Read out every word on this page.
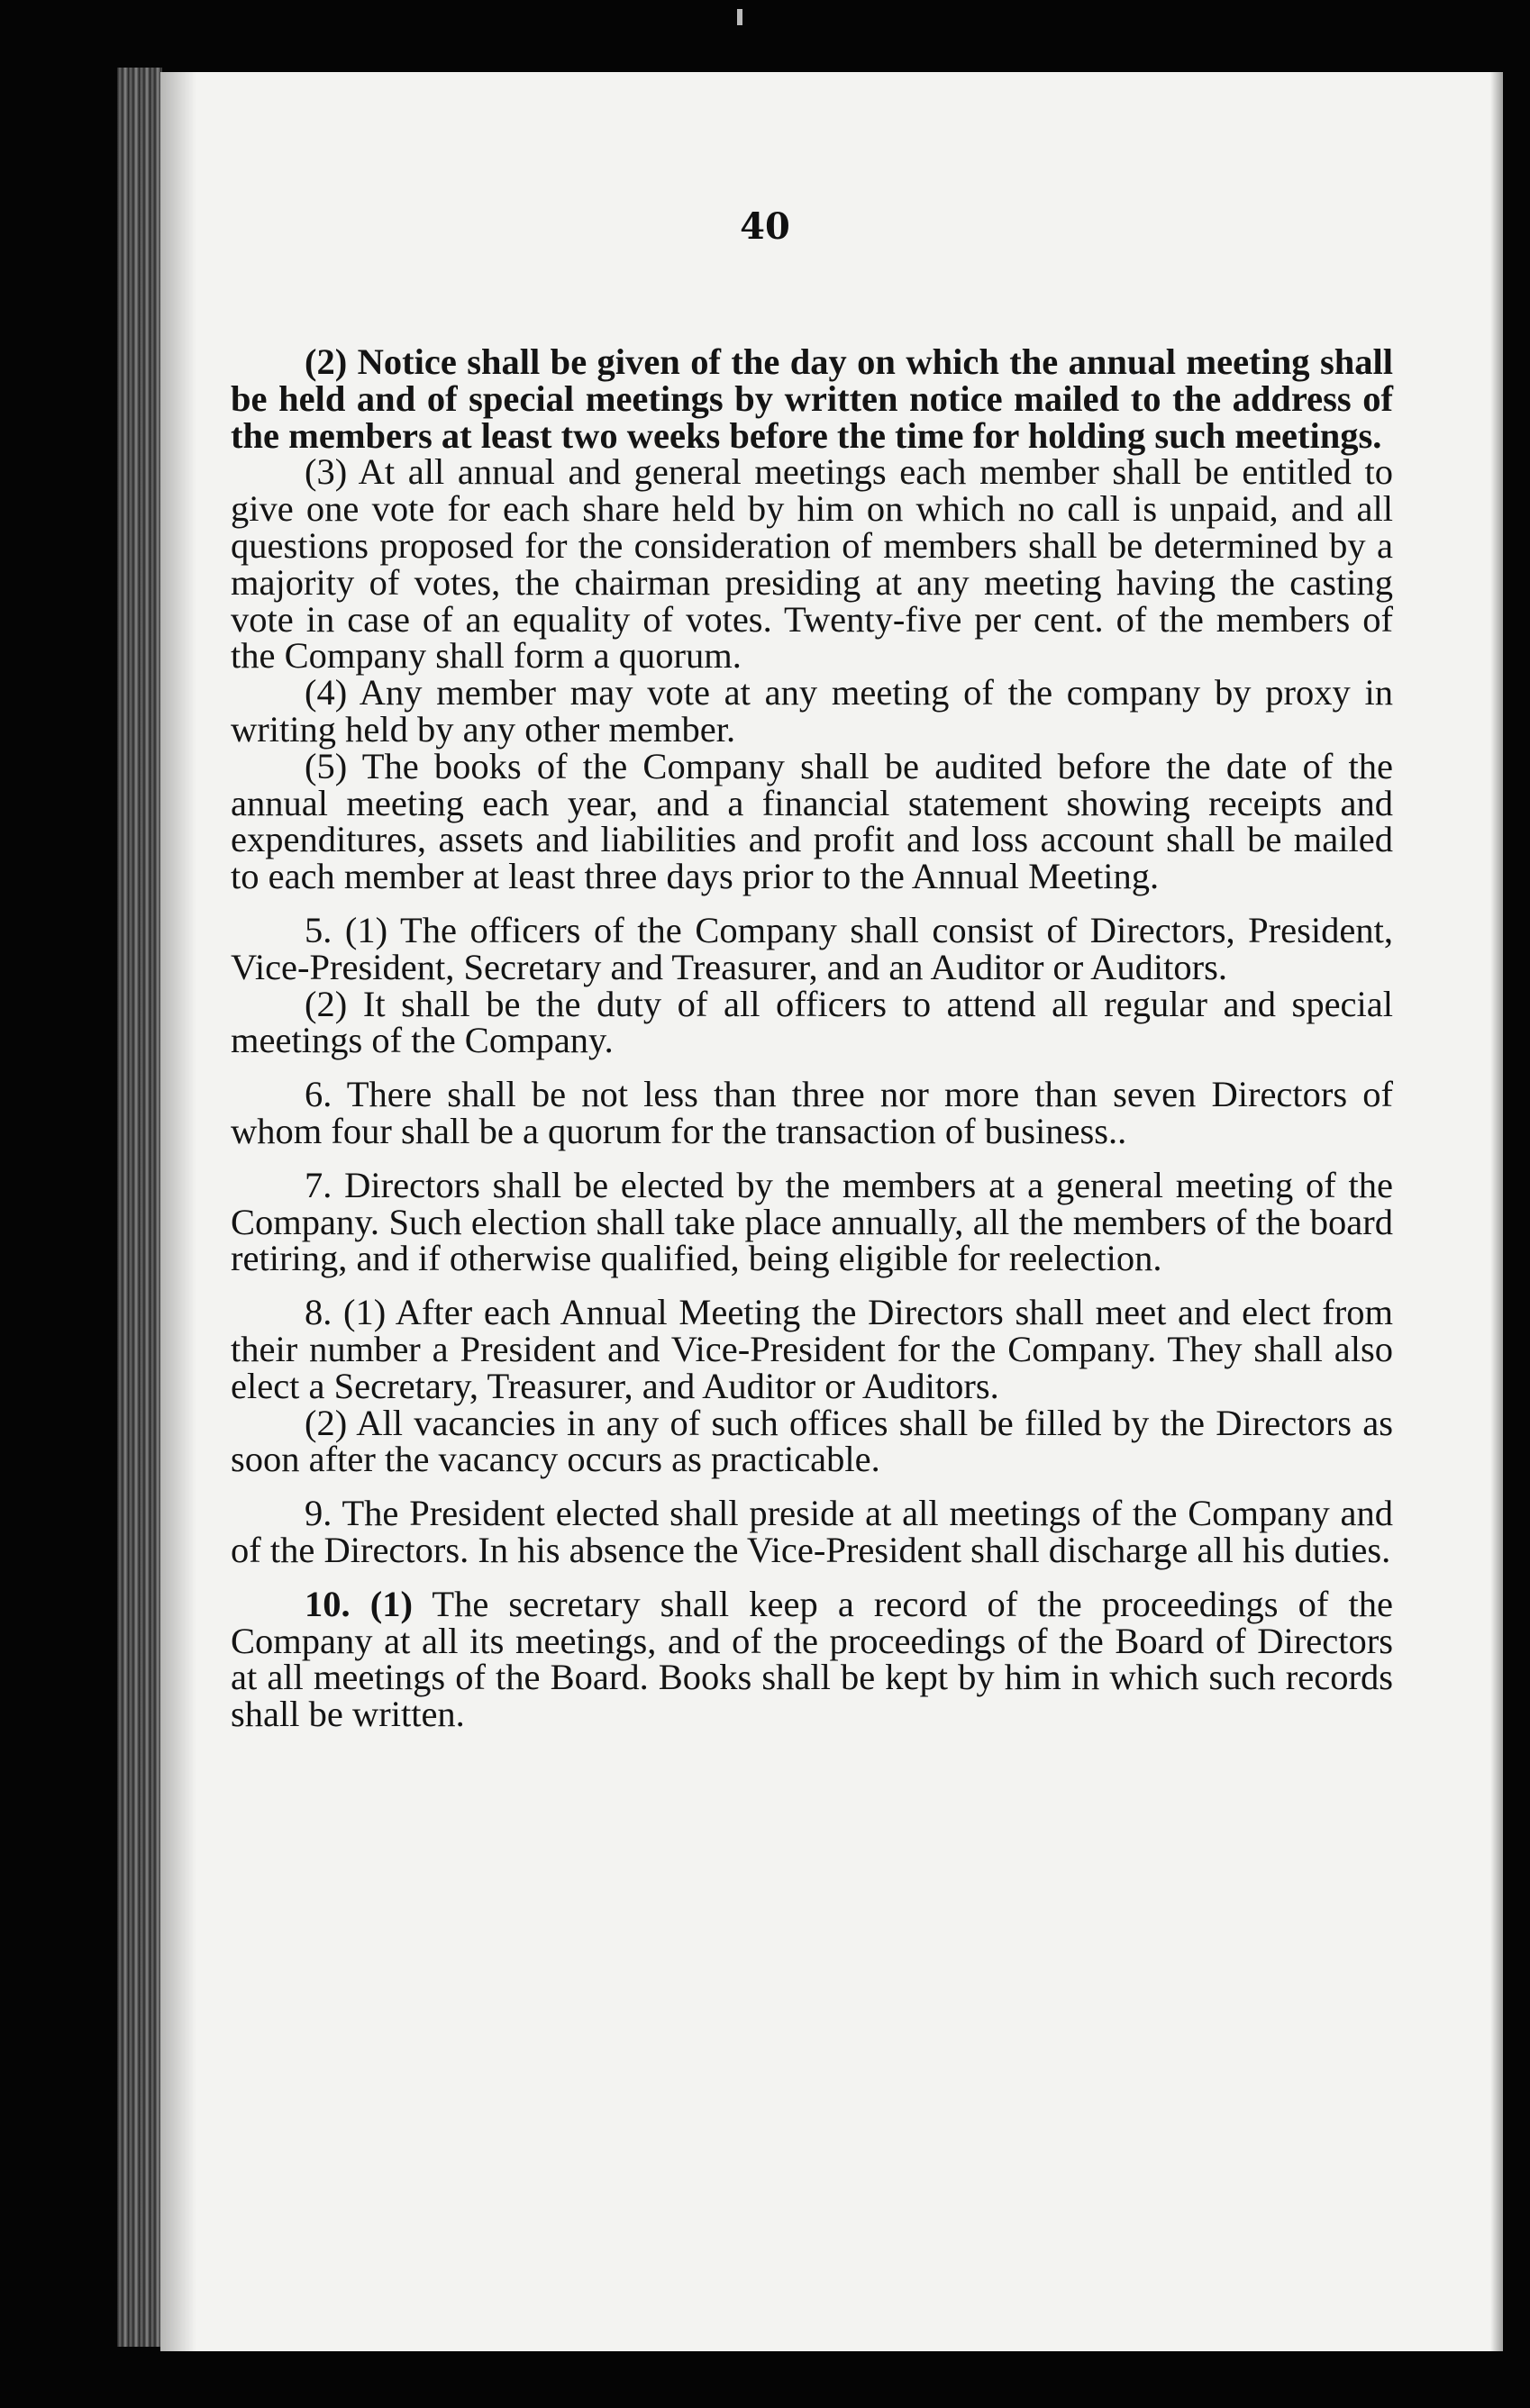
40

(2) Notice shall be given of the day on which the annual meeting shall be held and of special meetings by written notice mailed to the address of the members at least two weeks before the time for holding such meetings.

(3) At all annual and general meetings each member shall be entitled to give one vote for each share held by him on which no call is unpaid, and all questions proposed for the consideration of members shall be determined by a majority of votes, the chairman presiding at any meeting having the casting vote in case of an equality of votes. Twenty-five per cent. of the members of the Company shall form a quorum.

(4) Any member may vote at any meeting of the company by proxy in writing held by any other member.

(5) The books of the Company shall be audited before the date of the annual meeting each year, and a financial statement showing receipts and expenditures, assets and liabilities and profit and loss account shall be mailed to each member at least three days prior to the Annual Meeting.

5. (1) The officers of the Company shall consist of Directors, President, Vice-President, Secretary and Treasurer, and an Auditor or Auditors.

(2) It shall be the duty of all officers to attend all regular and special meetings of the Company.

6. There shall be not less than three nor more than seven Directors of whom four shall be a quorum for the transaction of business..

7. Directors shall be elected by the members at a general meeting of the Company. Such election shall take place annually, all the members of the board retiring, and if otherwise qualified, being eligible for reelection.

8. (1) After each Annual Meeting the Directors shall meet and elect from their number a President and Vice-President for the Company. They shall also elect a Secretary, Treasurer, and Auditor or Auditors.

(2) All vacancies in any of such offices shall be filled by the Directors as soon after the vacancy occurs as practicable.

9. The President elected shall preside at all meetings of the Company and of the Directors. In his absence the Vice-President shall discharge all his duties.

10. (1) The secretary shall keep a record of the proceedings of the Company at all its meetings, and of the proceedings of the Board of Directors at all meetings of the Board. Books shall be kept by him in which such records shall be written.
